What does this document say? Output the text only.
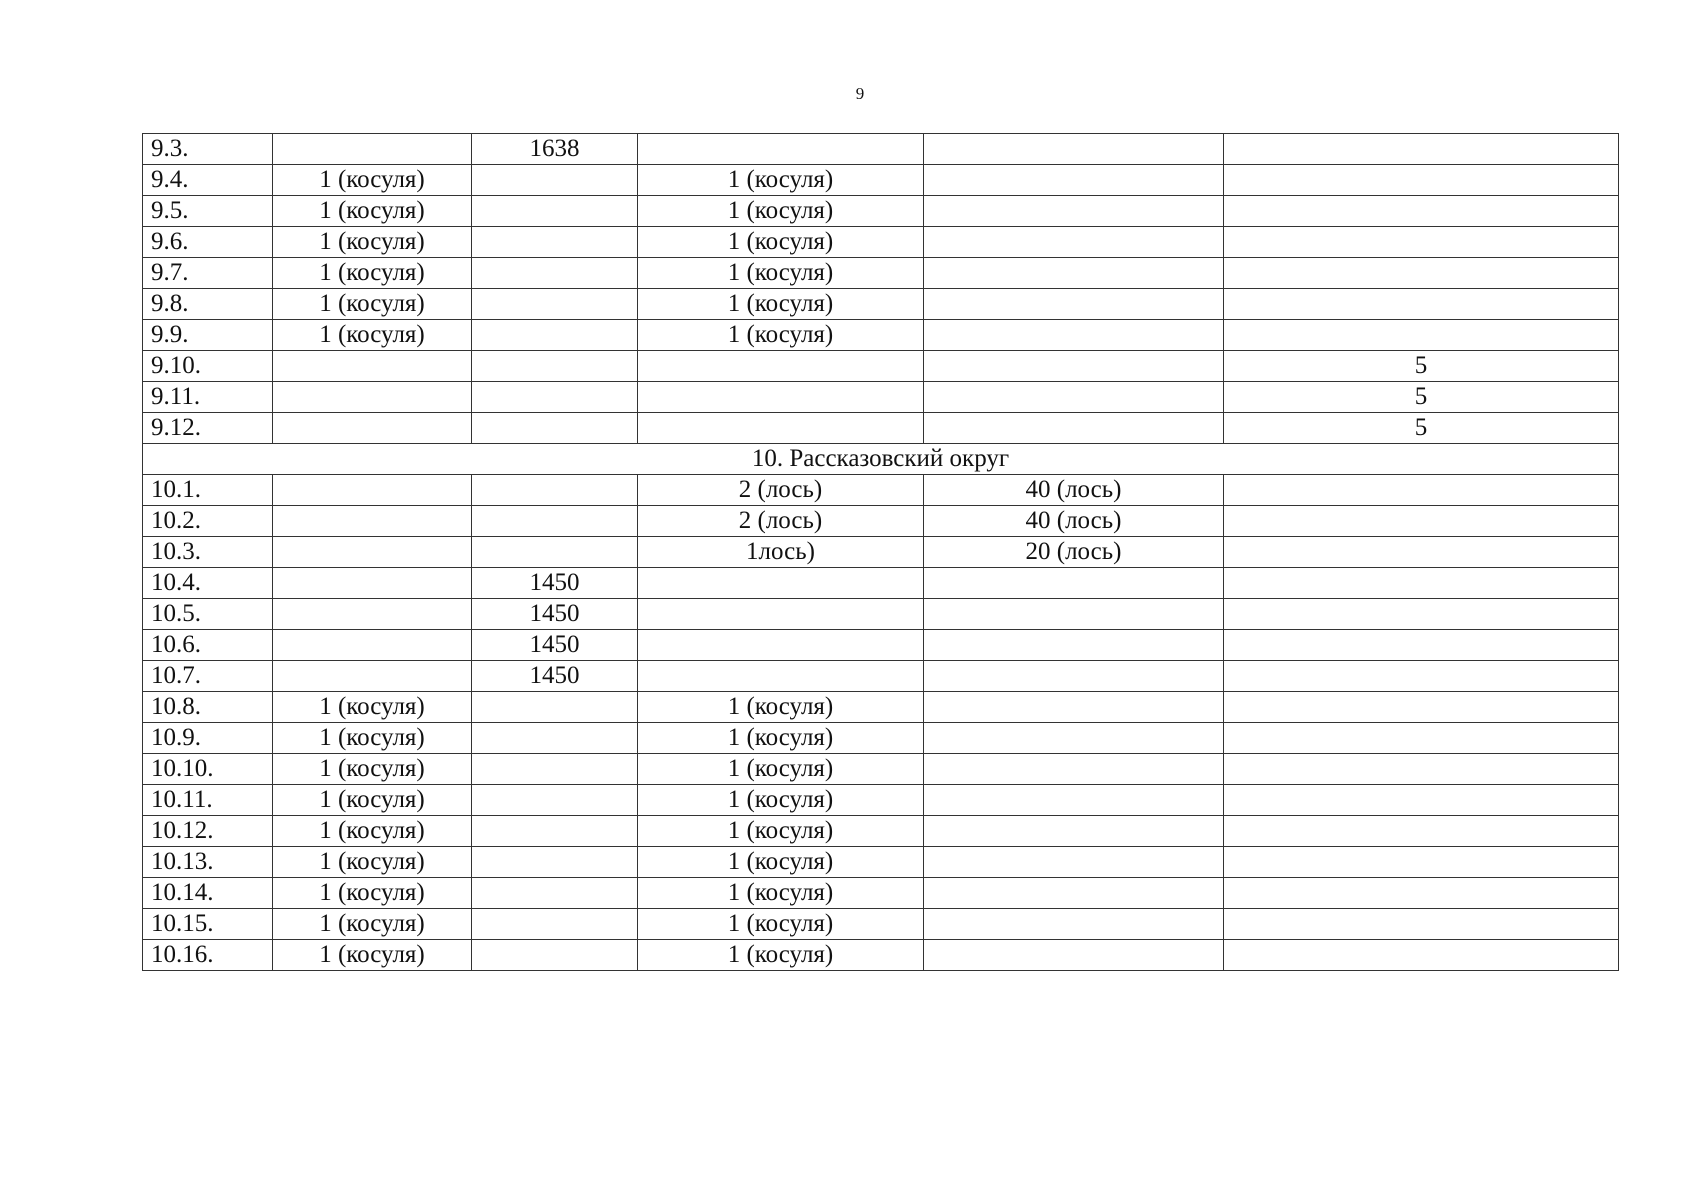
9
9.3.		1638			
9.4.	1 (косуля)		1 (косуля)		
9.5.	1 (косуля)		1 (косуля)		
9.6.	1 (косуля)		1 (косуля)		
9.7.	1 (косуля)		1 (косуля)		
9.8.	1 (косуля)		1 (косуля)		
9.9.	1 (косуля)		1 (косуля)		
9.10.					5
9.11.					5
9.12.					5
10. Рассказовский округ					
10.1.			2 (лось)	40 (лось)	
10.2.			2 (лось)	40 (лось)	
10.3.			1лось)	20 (лось)	
10.4.		1450			
10.5.		1450			
10.6.		1450			
10.7.		1450			
10.8.	1 (косуля)		1 (косуля)		
10.9.	1 (косуля)		1 (косуля)		
10.10.	1 (косуля)		1 (косуля)		
10.11.	1 (косуля)		1 (косуля)		
10.12.	1 (косуля)		1 (косуля)		
10.13.	1 (косуля)		1 (косуля)		
10.14.	1 (косуля)		1 (косуля)		
10.15.	1 (косуля)		1 (косуля)		
10.16.	1 (косуля)		1 (косуля)		
